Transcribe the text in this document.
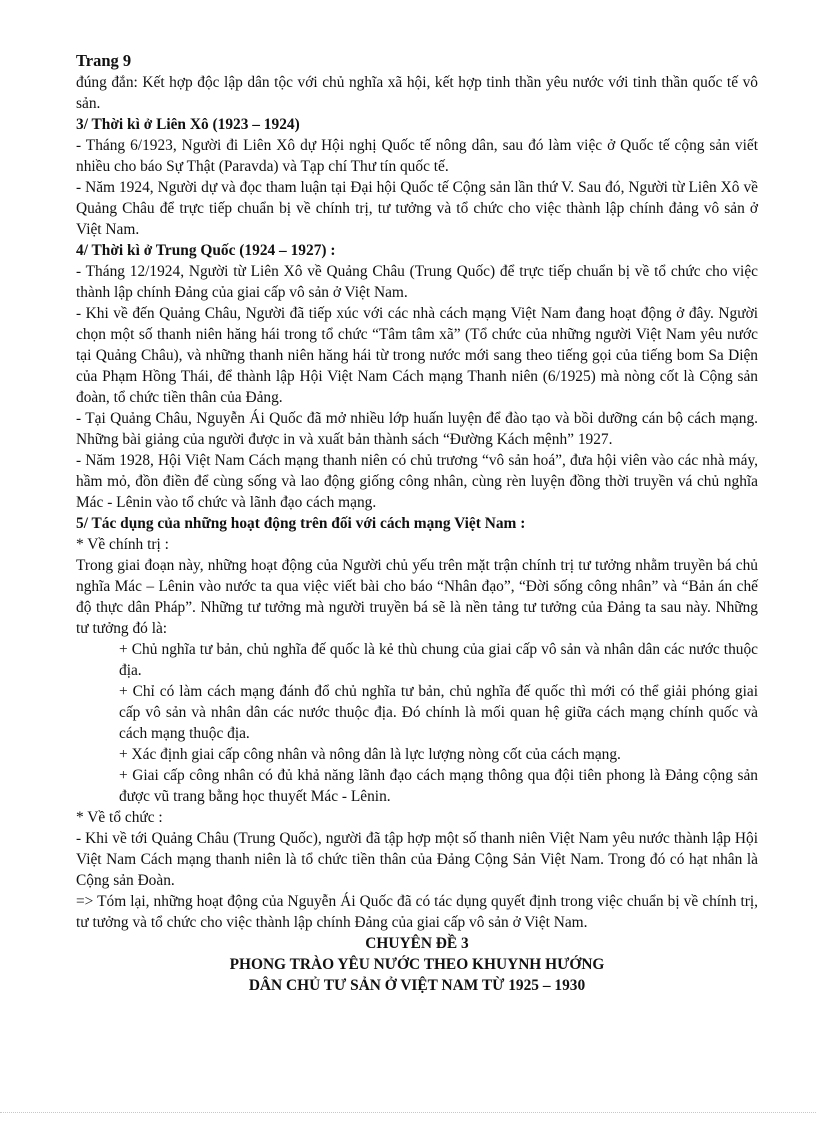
Trang 9

đúng đắn: Kết hợp độc lập dân tộc với chủ nghĩa xã hội, kết hợp tinh thần yêu nước với tinh thần quốc tế vô sản.

3/ Thời kì ở Liên Xô (1923 – 1924)

- Tháng 6/1923, Người đi Liên Xô dự Hội nghị Quốc tế nông dân, sau đó làm việc ở Quốc tế cộng sản viết nhiều cho báo Sự Thật (Paravda) và Tạp chí Thư tín quốc tế.

- Năm 1924, Người dự và đọc tham luận tại Đại hội Quốc tế Cộng sản lần thứ V. Sau đó, Người từ Liên Xô về Quảng Châu để trực tiếp chuẩn bị về chính trị, tư tưởng và tổ chức cho việc thành lập chính đảng vô sản ở Việt Nam.

4/ Thời kì ở Trung Quốc (1924 – 1927) :

- Tháng 12/1924, Người từ Liên Xô về Quảng Châu (Trung Quốc) để trực tiếp chuẩn bị về tổ chức cho việc thành lập chính Đảng của giai cấp vô sản ở Việt Nam.

- Khi về đến Quảng Châu, Người đã tiếp xúc với các nhà cách mạng Việt Nam đang hoạt động ở đây. Người chọn một số thanh niên hăng hái trong tổ chức “Tâm tâm xã” (Tổ chức của những người Việt Nam yêu nước tại Quảng Châu), và những thanh niên hăng hái từ trong nước mới sang theo tiếng gọi của tiếng bom Sa Diện của Phạm Hồng Thái, để thành lập Hội Việt Nam Cách mạng Thanh niên (6/1925) mà nòng cốt là Cộng sản đoàn, tổ chức tiền thân của Đảng.

- Tại Quảng Châu, Nguyễn Ái Quốc đã mở nhiều lớp huấn luyện để đào tạo và bồi dưỡng cán bộ cách mạng. Những bài giảng của người được in và xuất bản thành sách “Đường Kách mệnh” 1927.

- Năm 1928, Hội Việt Nam Cách mạng thanh niên có chủ trương “vô sản hoá”, đưa hội viên vào các nhà máy, hầm mỏ, đồn điền để cùng sống và lao động giống công nhân, cùng rèn luyện đồng thời truyền vá chủ nghĩa Mác - Lênin vào tổ chức và lãnh đạo cách mạng.

5/ Tác dụng của những hoạt động trên đối với cách mạng Việt Nam :

* Về chính trị :

Trong giai đoạn này, những hoạt động của Người chủ yếu trên mặt trận chính trị tư tưởng nhằm truyền bá chủ nghĩa Mác – Lênin vào nước ta qua việc viết bài cho báo “Nhân đạo”, “Đời sống công nhân” và “Bản án chế độ thực dân Pháp”. Những tư tưởng mà người truyền bá sẽ là nền tảng tư tưởng của Đảng ta sau này. Những tư tưởng đó là:

+ Chủ nghĩa tư bản, chủ nghĩa đế quốc là kẻ thù chung của giai cấp vô sản và nhân dân các nước thuộc địa.

+ Chỉ có làm cách mạng đánh đổ chủ nghĩa tư bản, chủ nghĩa đế quốc thì mới có thể giải phóng giai cấp vô sản và nhân dân các nước thuộc địa. Đó chính là mối quan hệ giữa cách mạng chính quốc và cách mạng thuộc địa.

+ Xác định giai cấp công nhân và nông dân là lực lượng nòng cốt của cách mạng.

+ Giai cấp công nhân có đủ khả năng lãnh đạo cách mạng thông qua đội tiên phong là Đảng cộng sản được vũ trang bằng học thuyết Mác - Lênin.

* Về tổ chức :

- Khi về tới Quảng Châu (Trung Quốc), người đã tập hợp một số thanh niên Việt Nam yêu nước thành lập Hội Việt Nam Cách mạng thanh niên là tổ chức tiền thân của Đảng Cộng Sản Việt Nam. Trong đó có hạt nhân là Cộng sản Đoàn.

=> Tóm lại, những hoạt động của Nguyễn Ái Quốc đã có tác dụng quyết định trong việc chuẩn bị về chính trị, tư tưởng và tổ chức cho việc thành lập chính Đảng của giai cấp vô sản ở Việt Nam.

CHUYÊN ĐỀ 3

PHONG TRÀO YÊU NƯỚC THEO KHUYNH HƯỚNG

DÂN CHỦ TƯ SẢN Ở VIỆT NAM TỪ 1925 – 1930
